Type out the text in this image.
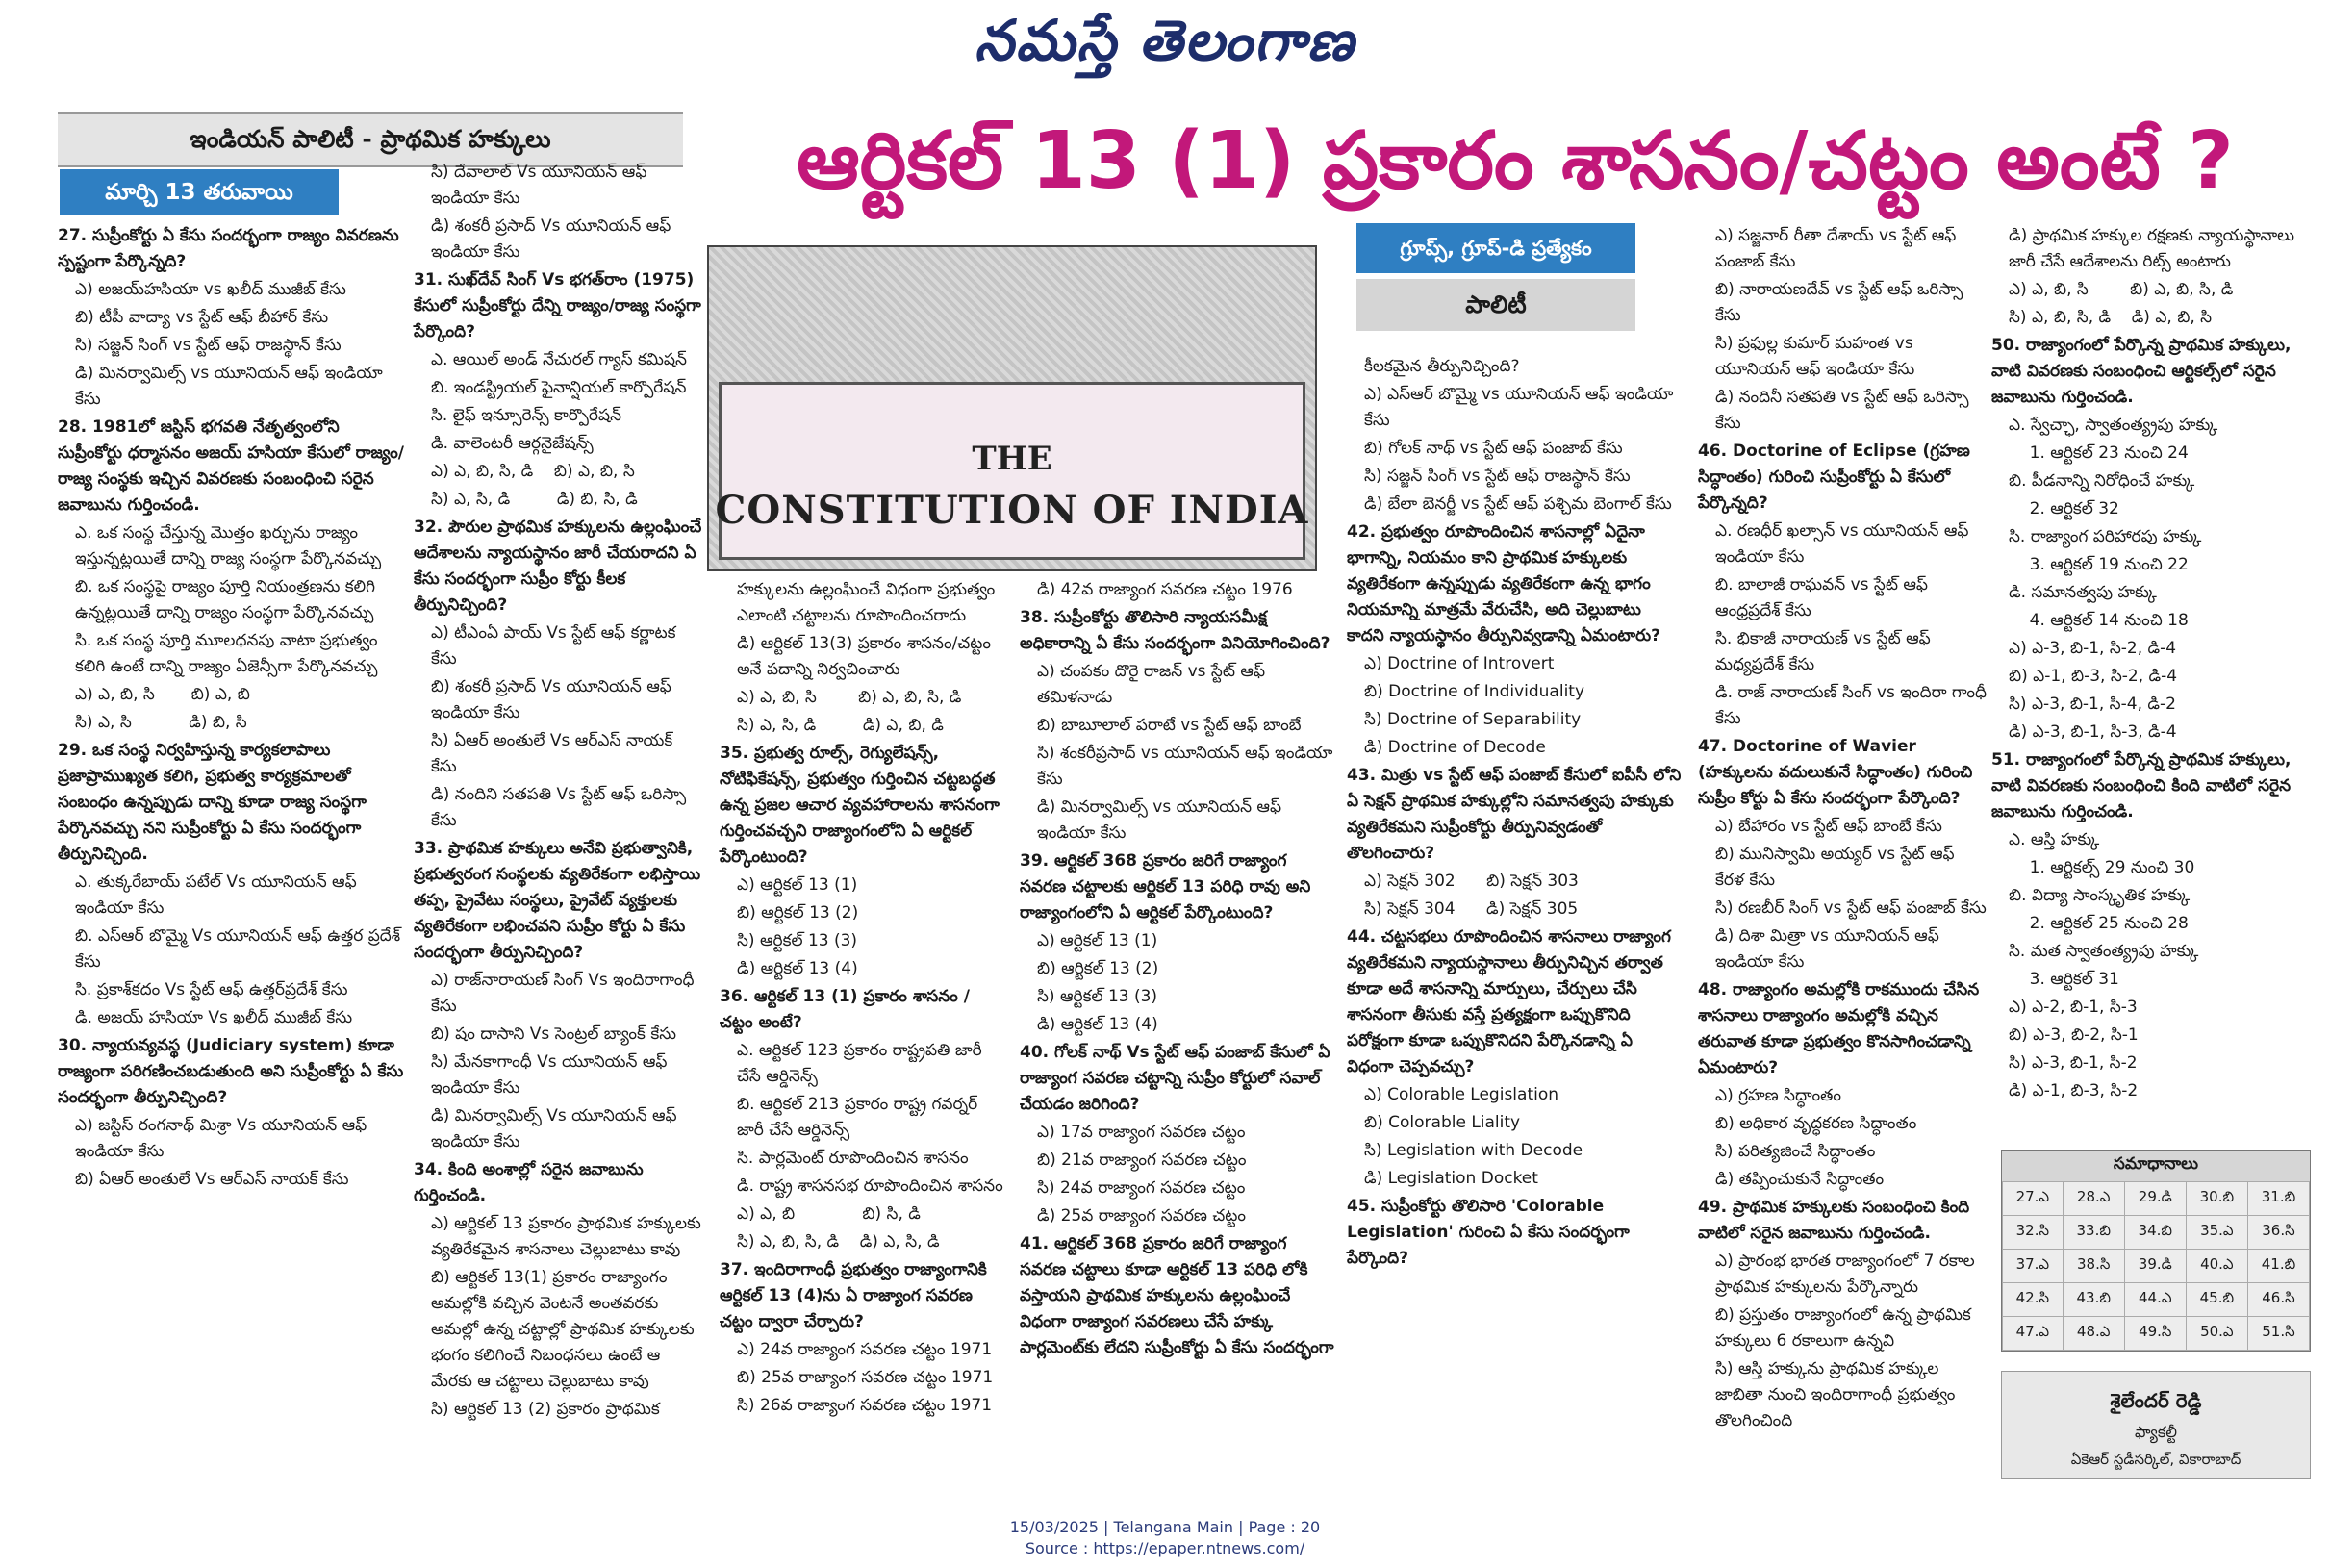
నమస్తే తెలంగాణ
ఇండియన్ పాలిటీ - ప్రాథమిక హక్కులు
మార్చి 13 తరువాయి	ఆర్టికల్ 13 (1) ప్రకారం శాసనం/చట్టం అంటే ?
THE
CONSTITUTION OF INDIA
గ్రూప్స్, గ్రూప్-డి ప్రత్యేకం
పాలిటీ

27. సుప్రీంకోర్టు ఏ కేసు సందర్భంగా రాజ్యం వివరణను స్పష్టంగా పేర్కొన్నది?

ఎ) అజయ్‌హసియా vs ఖలీద్ ముజీబ్ కేసు

బి) టీపీ వాద్యా vs స్టేట్ ఆఫ్ బీహార్ కేసు

సి) సజ్జన్ సింగ్ vs స్టేట్ ఆఫ్ రాజస్థాన్ కేసు

డి) మినర్వామిల్స్ vs యూనియన్ ఆఫ్ ఇండియా కేసు

28. 1981లో జస్టిస్ భగవతి నేతృత్వంలోని సుప్రీంకోర్టు ధర్మాసనం అజయ్ హసియా కేసులో రాజ్యం/రాజ్య సంస్థకు ఇచ్చిన వివరణకు సంబంధించి సరైన జవాబును గుర్తించండి.

ఎ. ఒక సంస్థ చేస్తున్న మొత్తం ఖర్చును రాజ్యం ఇస్తున్నట్లయితే దాన్ని రాజ్య సంస్థగా పేర్కొనవచ్చు

బి. ఒక సంస్థపై రాజ్యం పూర్తి నియంత్రణను కలిగి ఉన్నట్లయితే దాన్ని రాజ్యం సంస్థగా పేర్కొనవచ్చు

సి. ఒక సంస్థ పూర్తి మూలధనపు వాటా ప్రభుత్వం కలిగి ఉంటే దాన్ని రాజ్యం ఏజెన్సీగా పేర్కొనవచ్చు

ఎ) ఎ, బి, సి       బి) ఎ, బి

సి) ఎ, సి           డి) బి, సి

29. ఒక సంస్థ నిర్వహిస్తున్న కార్యకలాపాలు ప్రజాప్రాముఖ్యత కలిగి, ప్రభుత్వ కార్యక్రమాలతో సంబంధం ఉన్నప్పుడు దాన్ని కూడా రాజ్య సంస్థగా పేర్కొనవచ్చు నని సుప్రీంకోర్టు ఏ కేసు సందర్భంగా తీర్పునిచ్చింది.

ఎ. తుక్కరేబాయ్ పటేల్ Vs యూనియన్ ఆఫ్ ఇండియా కేసు

బి. ఎస్ఆర్ బొమ్మై Vs యూనియన్ ఆఫ్ ఉత్తర ప్రదేశ్ కేసు

సి. ప్రకాశ్‌కదం Vs స్టేట్ ఆఫ్ ఉత్తర్‌ప్రదేశ్ కేసు

డి. అజయ్ హసియా Vs ఖలీద్ ముజీబ్ కేసు

30. న్యాయవ్యవస్థ (Judiciary system) కూడా రాజ్యంగా పరిగణించబడుతుంది అని సుప్రీంకోర్టు ఏ కేసు సందర్భంగా తీర్పునిచ్చింది?

ఎ) జస్టిస్ రంగనాథ్ మిశ్రా Vs యూనియన్ ఆఫ్ ఇండియా కేసు

బి) ఏఆర్ అంతులే Vs ఆర్ఎస్ నాయక్ కేసు

సి) దేవాలాల్ Vs యూనియన్ ఆఫ్ ఇండియా కేసు

డి) శంకరీ ప్రసాద్ Vs యూనియన్ ఆఫ్ ఇండియా కేసు

31. సుఖ్‌దేవ్ సింగ్ Vs భగత్‌రాం (1975) కేసులో సుప్రీంకోర్టు దేన్ని రాజ్యం/రాజ్య సంస్థగా పేర్కొంది?

ఎ. ఆయిల్ అండ్ నేచురల్ గ్యాస్ కమిషన్

బి. ఇండస్ట్రియల్ ఫైనాన్షియల్ కార్పొరేషన్

సి. లైఫ్ ఇన్సూరెన్స్ కార్పొరేషన్

డి. వాలెంటరీ ఆర్గనైజేషన్స్

ఎ) ఎ, బి, సి, డి    బి) ఎ, బి, సి

సి) ఎ, సి, డి         డి) బి, సి, డి

32. పౌరుల ప్రాథమిక హక్కులను ఉల్లంఘించే ఆదేశాలను న్యాయస్థానం జారీ చేయరాదని ఏ కేసు సందర్భంగా సుప్రీం కోర్టు కీలక తీర్పునిచ్చింది?

ఎ) టీఎంఏ పాయ్ Vs స్టేట్ ఆఫ్ కర్ణాటక కేసు

బి) శంకరీ ప్రసాద్ Vs యూనియన్ ఆఫ్ ఇండియా కేసు

సి) ఏఆర్ అంతులే Vs ఆర్ఎస్ నాయక్ కేసు

డి) నందిని సతపతి Vs స్టేట్ ఆఫ్ ఒరిస్సా కేసు

33. ప్రాథమిక హక్కులు అనేవి ప్రభుత్వానికి, ప్రభుత్వరంగ సంస్థలకు వ్యతిరేకంగా లభిస్తాయి తప్ప, ప్రైవేటు సంస్థలు, ప్రైవేట్ వ్యక్తులకు వ్యతిరేకంగా లభించవని సుప్రీం కోర్టు ఏ కేసు సందర్భంగా తీర్పునిచ్చింది?

ఎ) రాజ్‌నారాయణ్ సింగ్ Vs ఇందిరాగాంధీ కేసు

బి) షం దాసాని Vs సెంట్రల్ బ్యాంక్ కేసు

సి) మేనకాగాంధీ Vs యూనియన్ ఆఫ్ ఇండియా కేసు

డి) మినర్వామిల్స్ Vs యూనియన్ ఆఫ్ ఇండియా కేసు

34. కింది అంశాల్లో సరైన జవాబును గుర్తించండి.

ఎ) ఆర్టికల్ 13 ప్రకారం ప్రాథమిక హక్కులకు వ్యతిరేకమైన శాసనాలు చెల్లుబాటు కావు

బి) ఆర్టికల్ 13(1) ప్రకారం రాజ్యాంగం అమల్లోకి వచ్చిన వెంటనే అంతవరకు అమల్లో ఉన్న చట్టాల్లో ప్రాథమిక హక్కులకు భంగం కలిగించే నిబంధనలు ఉంటే ఆ మేరకు ఆ చట్టాలు చెల్లుబాటు కావు

సి) ఆర్టికల్ 13 (2) ప్రకారం ప్రాథమిక

హక్కులను ఉల్లంఘించే విధంగా ప్రభుత్వం ఎలాంటి చట్టాలను రూపొందించరాదు

డి) ఆర్టికల్ 13(3) ప్రకారం శాసనం/చట్టం అనే పదాన్ని నిర్వచించారు

ఎ) ఎ, బి, సి        బి) ఎ, బి, సి, డి

సి) ఎ, సి, డి         డి) ఎ, బి, డి

35. ప్రభుత్వ రూల్స్, రెగ్యులేషన్స్, నోటిఫికేషన్స్, ప్రభుత్వం గుర్తించిన చట్టబద్ధత ఉన్న ప్రజల ఆచార వ్యవహారాలను శాసనంగా గుర్తించవచ్చని రాజ్యాంగంలోని ఏ ఆర్టికల్ పేర్కొంటుంది?

ఎ) ఆర్టికల్ 13 (1)

బి) ఆర్టికల్ 13 (2)

సి) ఆర్టికల్ 13 (3)

డి) ఆర్టికల్ 13 (4)

36. ఆర్టికల్ 13 (1) ప్రకారం శాసనం / చట్టం అంటే?

ఎ. ఆర్టికల్ 123 ప్రకారం రాష్ట్రపతి జారీ చేసే ఆర్డినెన్స్

బి. ఆర్టికల్ 213 ప్రకారం రాష్ట్ర గవర్నర్ జారీ చేసే ఆర్డినెన్స్

సి. పార్లమెంట్ రూపొందించిన శాసనం

డి. రాష్ట్ర శాసనసభ రూపొందించిన శాసనం

ఎ) ఎ, బి             బి) సి, డి

సి) ఎ, బి, సి, డి    డి) ఎ, సి, డి

37. ఇందిరాగాంధీ ప్రభుత్వం రాజ్యాంగానికి ఆర్టికల్ 13 (4)ను ఏ రాజ్యాంగ సవరణ చట్టం ద్వారా చేర్చారు?

ఎ) 24వ రాజ్యాంగ సవరణ చట్టం 1971

బి) 25వ రాజ్యాంగ సవరణ చట్టం 1971

సి) 26వ రాజ్యాంగ సవరణ చట్టం 1971

డి) 42వ రాజ్యాంగ సవరణ చట్టం 1976

38. సుప్రీంకోర్టు తొలిసారి న్యాయసమీక్ష అధికారాన్ని ఏ కేసు సందర్భంగా వినియోగించింది?

ఎ) చంపకం దొరై రాజన్ vs స్టేట్ ఆఫ్ తమిళనాడు

బి) బాబూలాల్ పరాటే vs స్టేట్ ఆఫ్ బాంబే

సి) శంకరీప్రసాద్ vs యూనియన్ ఆఫ్ ఇండియా కేసు

డి) మినర్వామిల్స్ vs యూనియన్ ఆఫ్ ఇండియా కేసు

39. ఆర్టికల్ 368 ప్రకారం జరిగే రాజ్యాంగ సవరణ చట్టాలకు ఆర్టికల్ 13 పరిధి రావు అని రాజ్యాంగంలోని ఏ ఆర్టికల్ పేర్కొంటుంది?

ఎ) ఆర్టికల్ 13 (1)

బి) ఆర్టికల్ 13 (2)

సి) ఆర్టికల్ 13 (3)

డి) ఆర్టికల్ 13 (4)

40. గోలక్ నాథ్ Vs స్టేట్ ఆఫ్ పంజాబ్ కేసులో ఏ రాజ్యాంగ సవరణ చట్టాన్ని సుప్రీం కోర్టులో సవాల్ చేయడం జరిగింది?

ఎ) 17వ రాజ్యాంగ సవరణ చట్టం

బి) 21వ రాజ్యాంగ సవరణ చట్టం

సి) 24వ రాజ్యాంగ సవరణ చట్టం

డి) 25వ రాజ్యాంగ సవరణ చట్టం

41. ఆర్టికల్ 368 ప్రకారం జరిగే రాజ్యాంగ సవరణ చట్టాలు కూడా ఆర్టికల్ 13 పరిధి లోకి వస్తాయని ప్రాథమిక హక్కులను ఉల్లంఘించే విధంగా రాజ్యాంగ సవరణలు చేసే హక్కు పార్లమెంట్‌కు లేదని సుప్రీంకోర్టు ఏ కేసు సందర్భంగా

కీలకమైన తీర్పునిచ్చింది?

ఎ) ఎస్ఆర్ బొమ్మై vs యూనియన్ ఆఫ్ ఇండియా కేసు

బి) గోలక్ నాథ్ vs స్టేట్ ఆఫ్ పంజాబ్ కేసు

సి) సజ్జన్ సింగ్ vs స్టేట్ ఆఫ్ రాజస్థాన్ కేసు

డి) బేలా బెనర్జీ vs స్టేట్ ఆఫ్ పశ్చిమ బెంగాల్ కేసు

42. ప్రభుత్వం రూపొందించిన శాసనాల్లో ఏదైనా భాగాన్ని, నియమం కాని ప్రాథమిక హక్కులకు వ్యతిరేకంగా ఉన్నప్పుడు వ్యతిరేకంగా ఉన్న భాగం నియమాన్ని మాత్రమే వేరుచేసి, అది చెల్లుబాటు కాదని న్యాయస్థానం తీర్పునివ్వడాన్ని ఏమంటారు?

ఎ) Doctrine of Introvert

బి) Doctrine of Individuality

సి) Doctrine of Separability

డి) Doctrine of Decode

43. మిత్రు vs స్టేట్ ఆఫ్ పంజాబ్ కేసులో ఐపీసీ లోని ఏ సెక్షన్ ప్రాథమిక హక్కుల్లోని సమానత్వపు హక్కుకు వ్యతిరేకమని సుప్రీంకోర్టు తీర్పునివ్వడంతో తొలగించారు?

ఎ) సెక్షన్ 302      బి) సెక్షన్ 303

సి) సెక్షన్ 304      డి) సెక్షన్ 305

44. చట్టసభలు రూపొందించిన శాసనాలు రాజ్యాంగ వ్యతిరేకమని న్యాయస్థానాలు తీర్పునిచ్చిన తర్వాత కూడా అదే శాసనాన్ని మార్పులు, చేర్పులు చేసి శాసనంగా తీసుకు వస్తే ప్రత్యక్షంగా ఒప్పుకొనిది పరోక్షంగా కూడా ఒప్పుకొనిదని పేర్కొనడాన్ని ఏ విధంగా చెప్పవచ్చు?

ఎ) Colorable Legislation

బి) Colorable Liality

సి) Legislation with Decode

డి) Legislation Docket

45. సుప్రీంకోర్టు తొలిసారి 'Colorable Legislation' గురించి ఏ కేసు సందర్భంగా పేర్కొంది?

ఎ) సజ్జనార్ రీతా దేశాయ్ vs స్టేట్ ఆఫ్ పంజాబ్ కేసు

బి) నారాయణదేవ్ vs స్టేట్ ఆఫ్ ఒరిస్సా కేసు

సి) ప్రఫుల్ల కుమార్ మహంత vs యూనియన్ ఆఫ్ ఇండియా కేసు

డి) నందినీ సతపతి vs స్టేట్ ఆఫ్ ఒరిస్సా కేసు

46. Doctorine of Eclipse (గ్రహణ సిద్ధాంతం) గురించి సుప్రీంకోర్టు ఏ కేసులో పేర్కొన్నది?

ఎ. రణధీర్ ఖల్సాన్ vs యూనియన్ ఆఫ్ ఇండియా కేసు

బి. బాలాజీ రాఘవన్ vs స్టేట్ ఆఫ్ ఆంధ్రప్రదేశ్ కేసు

సి. భికాజీ నారాయణ్ vs స్టేట్ ఆఫ్ మధ్యప్రదేశ్ కేసు

డి. రాజ్ నారాయణ్ సింగ్ vs ఇందిరా గాంధీ కేసు

47. Doctorine of Wavier (హక్కులను వదులుకునే సిద్ధాంతం) గురించి సుప్రీం కోర్టు ఏ కేసు సందర్భంగా పేర్కొంది?

ఎ) బేహారం vs స్టేట్ ఆఫ్ బాంబే కేసు

బి) మునిస్వామి అయ్యర్ vs స్టేట్ ఆఫ్ కేరళ కేసు

సి) రణబీర్ సింగ్ vs స్టేట్ ఆఫ్ పంజాబ్ కేసు

డి) దిశా మిత్రా vs యూనియన్ ఆఫ్ ఇండియా కేసు

48. రాజ్యాంగం అమల్లోకి రాకముందు చేసిన శాసనాలు రాజ్యాంగం అమల్లోకి వచ్చిన తరువాత కూడా ప్రభుత్వం కొనసాగించడాన్ని ఏమంటారు?

ఎ) గ్రహణ సిద్ధాంతం

బి) అధికార వృద్ధకరణ సిద్ధాంతం

సి) పరిత్యజించే సిద్ధాంతం

డి) తప్పించుకునే సిద్ధాంతం

49. ప్రాథమిక హక్కులకు సంబంధించి కింది వాటిలో సరైన జవాబును గుర్తించండి.

ఎ) ప్రారంభ భారత రాజ్యాంగంలో 7 రకాల ప్రాథమిక హక్కులను పేర్కొన్నారు

బి) ప్రస్తుతం రాజ్యాంగంలో ఉన్న ప్రాథమిక హక్కులు 6 రకాలుగా ఉన్నవి

సి) ఆస్తి హక్కును ప్రాథమిక హక్కుల జాబితా నుంచి ఇందిరాగాంధీ ప్రభుత్వం తొలగించింది

డి) ప్రాథమిక హక్కుల రక్షణకు న్యాయస్థానాలు జారీ చేసే ఆదేశాలను రిట్స్ అంటారు

ఎ) ఎ, బి, సి        బి) ఎ, బి, సి, డి

సి) ఎ, బి, సి, డి    డి) ఎ, బి, సి

50. రాజ్యాంగంలో పేర్కొన్న ప్రాథమిక హక్కులు, వాటి వివరణకు సంబంధించి ఆర్టికల్స్‌లో సరైన జవాబును గుర్తించండి.

ఎ. స్వేచ్ఛా, స్వాతంత్య్రపు హక్కు

1. ఆర్టికల్ 23 నుంచి 24

బి. పీడనాన్ని నిరోధించే హక్కు

2. ఆర్టికల్ 32

సి. రాజ్యాంగ పరిహారపు హక్కు

3. ఆర్టికల్ 19 నుంచి 22

డి. సమానత్వపు హక్కు

4. ఆర్టికల్ 14 నుంచి 18

ఎ) ఎ-3, బి-1, సి-2, డి-4

బి) ఎ-1, బి-3, సి-2, డి-4

సి) ఎ-3, బి-1, సి-4, డి-2

డి) ఎ-3, బి-1, సి-3, డి-4

51. రాజ్యాంగంలో పేర్కొన్న ప్రాథమిక హక్కులు, వాటి వివరణకు సంబంధించి కింది వాటిలో సరైన జవాబును గుర్తించండి.

ఎ. ఆస్తి హక్కు

1. ఆర్టికల్స్ 29 నుంచి 30

బి. విద్యా సాంస్కృతిక హక్కు

2. ఆర్టికల్ 25 నుంచి 28

సి. మత స్వాతంత్య్రపు హక్కు

3. ఆర్టికల్ 31

ఎ) ఎ-2, బి-1, సి-3

బి) ఎ-3, బి-2, సి-1

సి) ఎ-3, బి-1, సి-2

డి) ఎ-1, బి-3, సి-2

సమాధానాలు
27.ఎ	28.ఎ	29.డి	30.బి	31.బి
32.సి	33.బి	34.బి	35.ఎ	36.సి
37.ఎ	38.సి	39.డి	40.ఎ	41.బి
42.సి	43.బి	44.ఎ	45.బి	46.సి
47.ఎ	48.ఎ	49.సి	50.ఎ	51.సి
శైలేందర్ రెడ్డి
ఫ్యాకల్టీ
ఏకెఆర్ స్టడీసర్కిల్, వికారాబాద్
15/03/2025 | Telangana Main | Page : 20
Source : https://epaper.ntnews.com/
